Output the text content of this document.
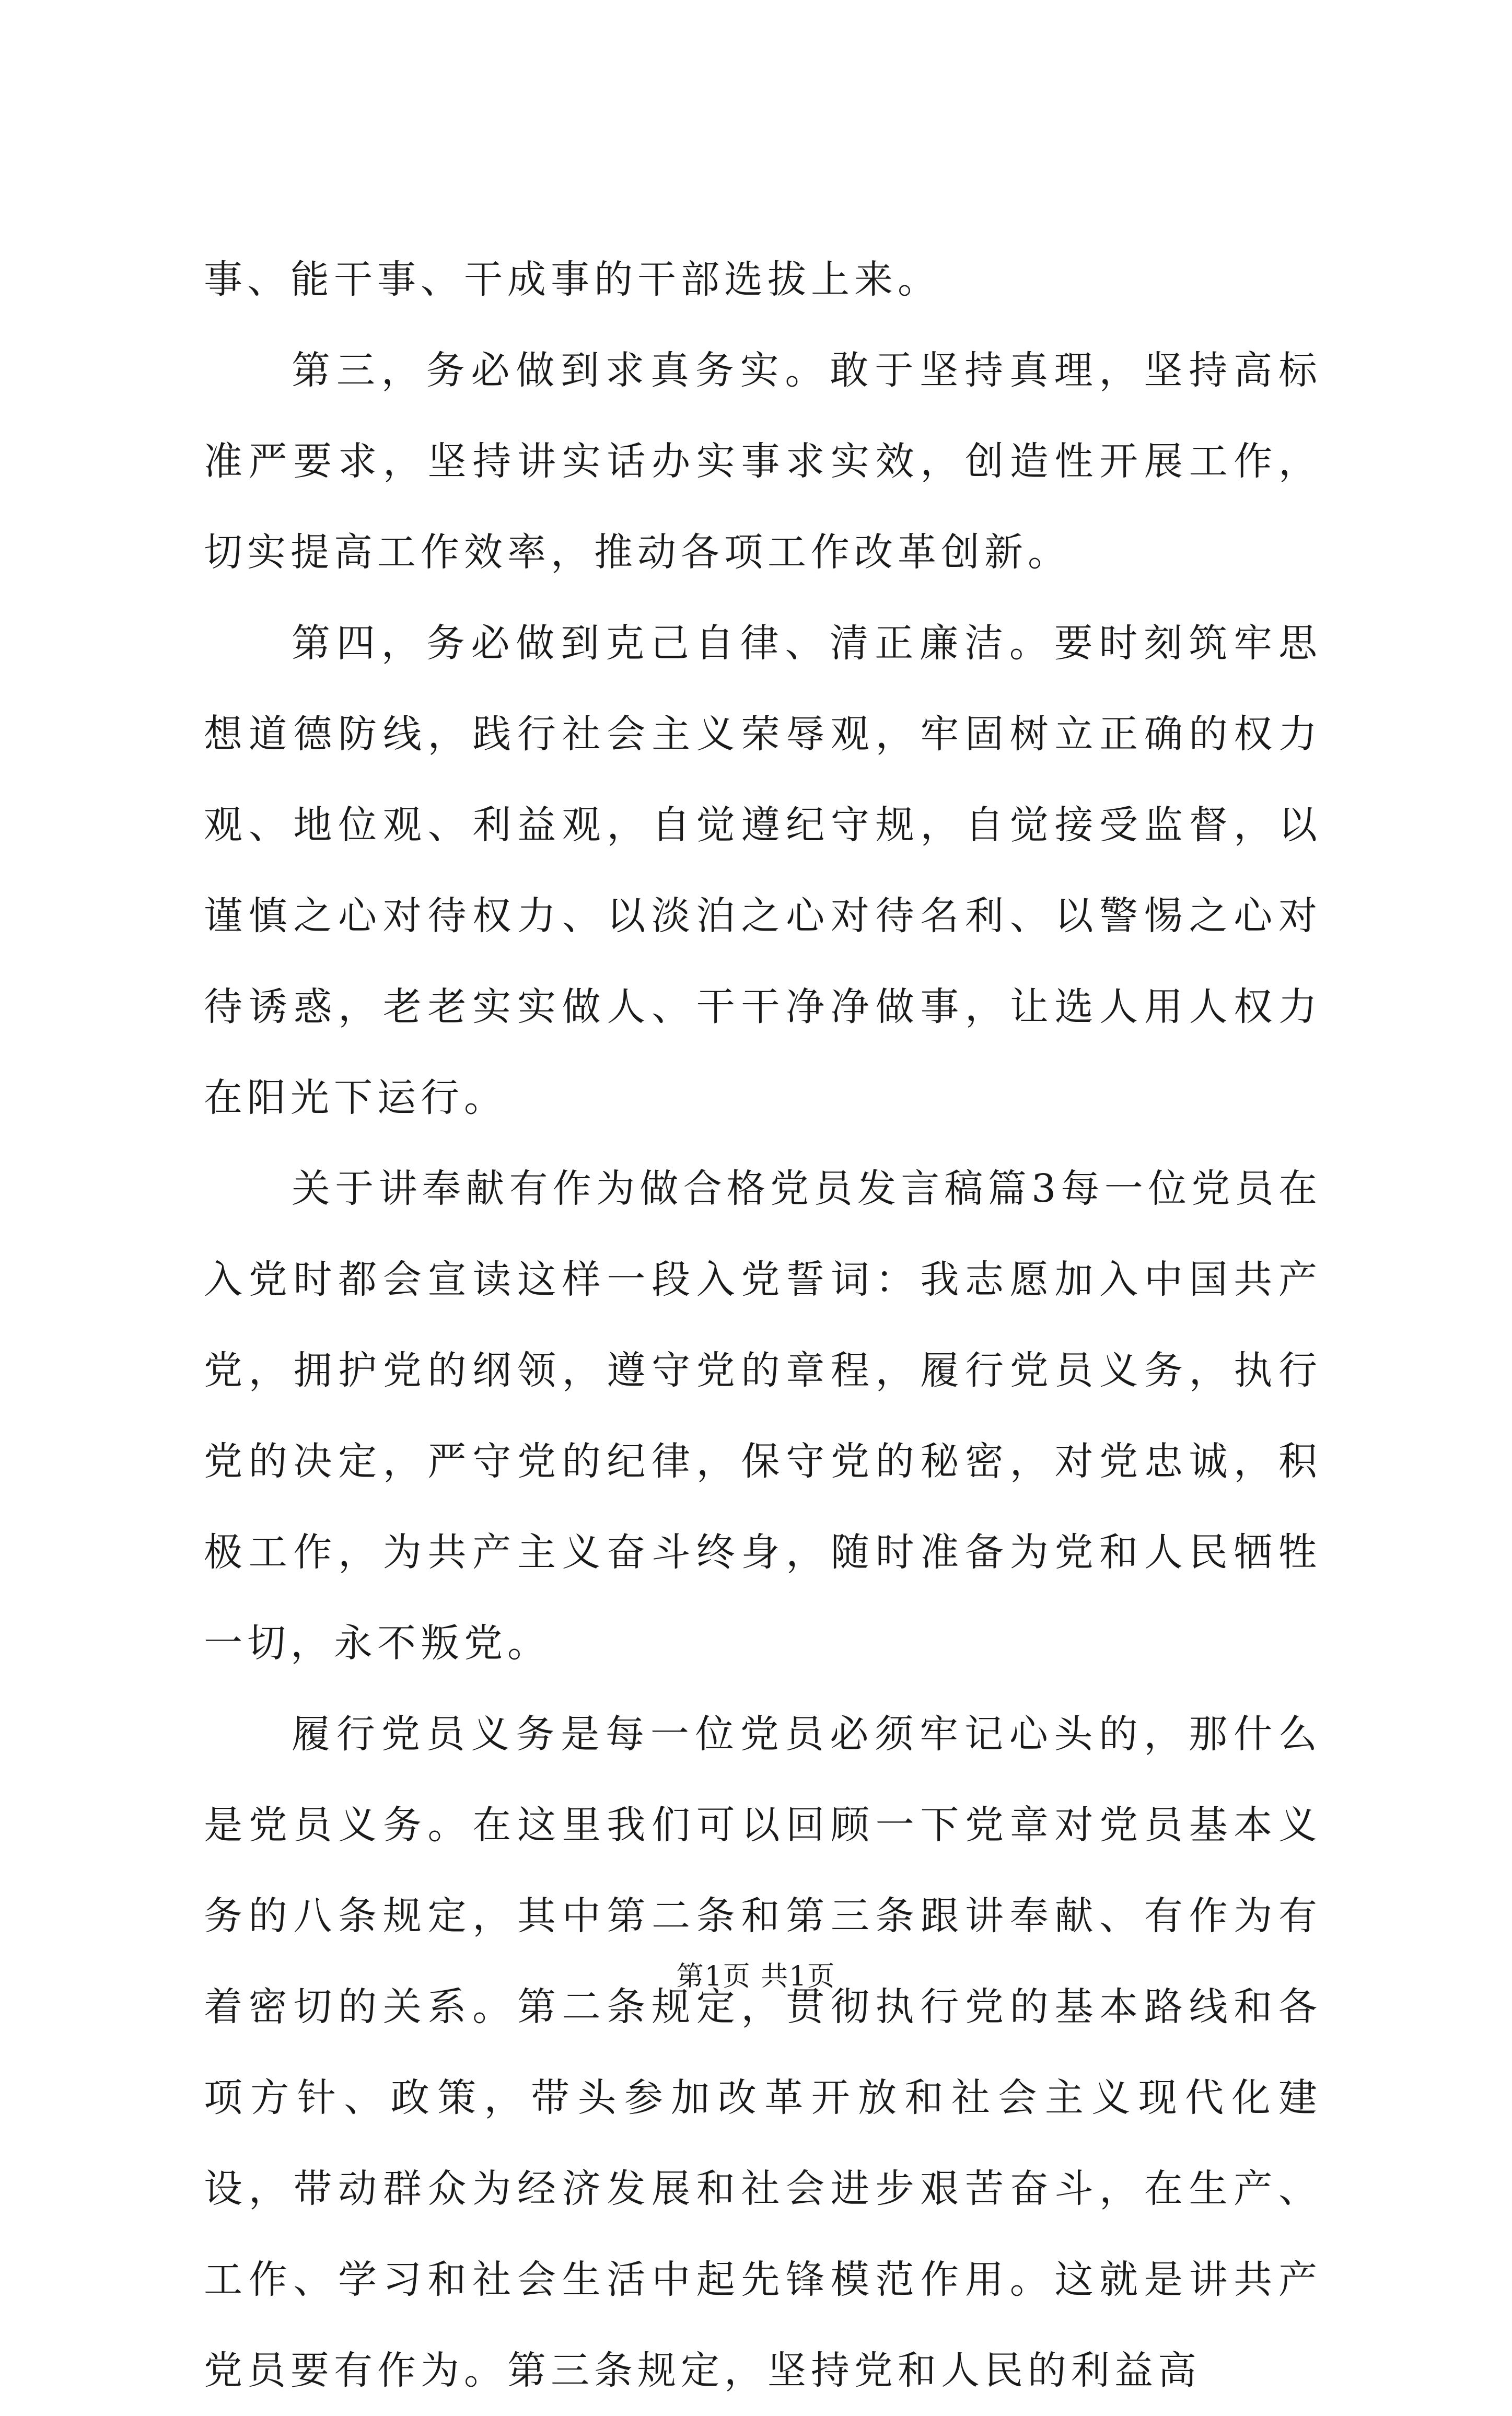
事、能干事、干成事的干部选拔上来。

第三，务必做到求真务实。敢于坚持真理，坚持高标准严要求，坚持讲实话办实事求实效，创造性开展工作，切实提高工作效率，推动各项工作改革创新。

第四，务必做到克己自律、清正廉洁。要时刻筑牢思想道德防线，践行社会主义荣辱观，牢固树立正确的权力观、地位观、利益观，自觉遵纪守规，自觉接受监督，以谨慎之心对待权力、以淡泊之心对待名利、以警惕之心对待诱惑，老老实实做人、干干净净做事，让选人用人权力在阳光下运行。

关于讲奉献有作为做合格党员发言稿篇3每一位党员在入党时都会宣读这样一段入党誓词：我志愿加入中国共产党，拥护党的纲领，遵守党的章程，履行党员义务，执行党的决定，严守党的纪律，保守党的秘密，对党忠诚，积极工作，为共产主义奋斗终身，随时准备为党和人民牺牲一切，永不叛党。

履行党员义务是每一位党员必须牢记心头的，那什么是党员义务。在这里我们可以回顾一下党章对党员基本义务的八条规定，其中第二条和第三条跟讲奉献、有作为有着密切的关系。第二条规定，贯彻执行党的基本路线和各项方针、政策，带头参加改革开放和社会主义现代化建设，带动群众为经济发展和社会进步艰苦奋斗，在生产、工作、学习和社会生活中起先锋模范作用。这就是讲共产党员要有作为。第三条规定，坚持党和人民的利益高

第1页 共1页
